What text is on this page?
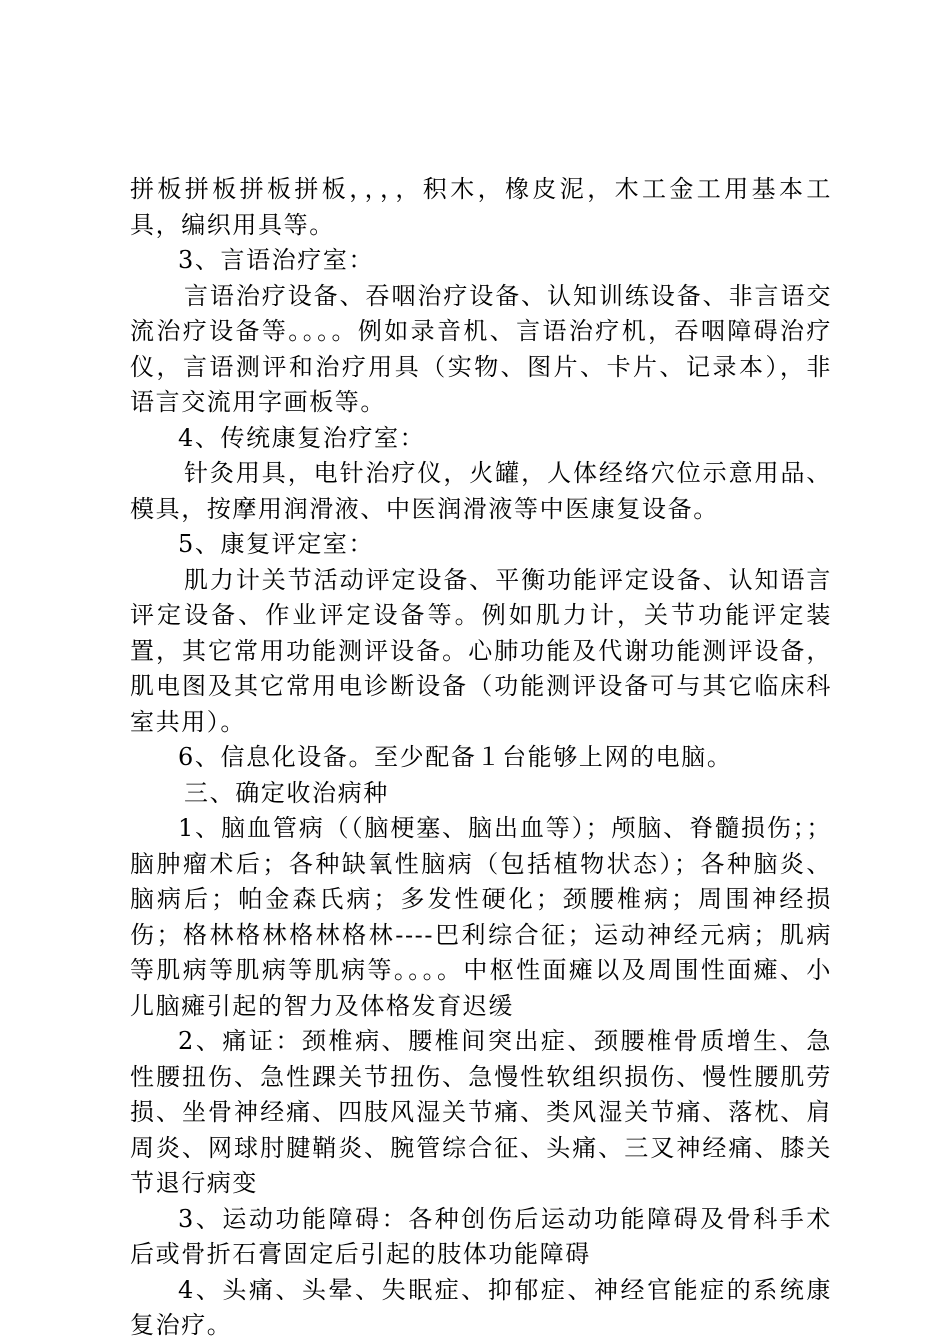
拼板拼板拼板拼板，，，，积木，橡皮泥，木工金工用基本工具，编织用具等。

3、言语治疗室：

言语治疗设备、吞咽治疗设备、认知训练设备、非言语交流治疗设备等。。。。例如录音机、言语治疗机，吞咽障碍治疗仪，言语测评和治疗用具（实物、图片、卡片、记录本），非语言交流用字画板等。

4、传统康复治疗室：

针灸用具，电针治疗仪，火罐，人体经络穴位示意用品、模具，按摩用润滑液、中医润滑液等中医康复设备。

5、康复评定室：

肌力计关节活动评定设备、平衡功能评定设备、认知语言评定设备、作业评定设备等。例如肌力计，关节功能评定装置，其它常用功能测评设备。心肺功能及代谢功能测评设备，肌电图及其它常用电诊断设备（功能测评设备可与其它临床科室共用）。

6、信息化设备。至少配备１台能够上网的电脑。

三、确定收治病种

1、脑血管病（（脑梗塞、脑出血等）；颅脑、脊髓损伤；；脑肿瘤术后；各种缺氧性脑病（包括植物状态）；各种脑炎、脑病后；帕金森氏病；多发性硬化；颈腰椎病；周围神经损伤；格林格林格林格林----巴利综合征；运动神经元病；肌病等肌病等肌病等肌病等。。。。中枢性面瘫以及周围性面瘫、小儿脑瘫引起的智力及体格发育迟缓

2、痛证：颈椎病、腰椎间突出症、颈腰椎骨质增生、急性腰扭伤、急性踝关节扭伤、急慢性软组织损伤、慢性腰肌劳损、坐骨神经痛、四肢风湿关节痛、类风湿关节痛、落枕、肩周炎、网球肘腱鞘炎、腕管综合征、头痛、三叉神经痛、膝关节退行病变

3、运动功能障碍：各种创伤后运动功能障碍及骨科手术后或骨折石膏固定后引起的肢体功能障碍

4、头痛、头晕、失眠症、抑郁症、神经官能症的系统康复治疗。
